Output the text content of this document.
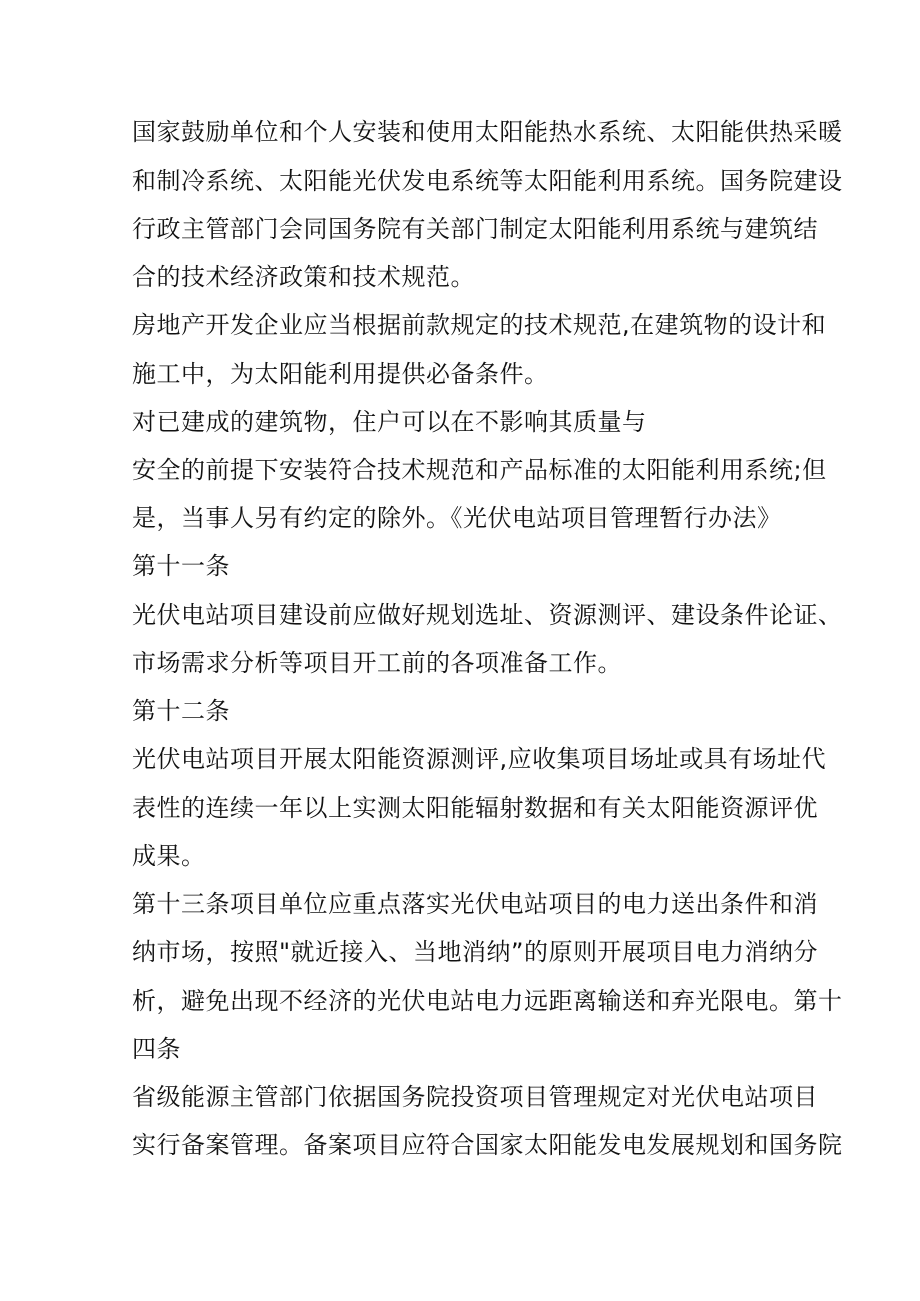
国家鼓励单位和个人安装和使用太阳能热水系统、太阳能供热采暖

和制冷系统、太阳能光伏发电系统等太阳能利用系统。国务院建设

行政主管部门会同国务院有关部门制定太阳能利用系统与建筑结

合的技术经济政策和技术规范。

房地产开发企业应当根据前款规定的技术规范,在建筑物的设计和

施工中，为太阳能利用提供必备条件。

对已建成的建筑物，住户可以在不影响其质量与

安全的前提下安装符合技术规范和产品标准的太阳能利用系统;但

是，当事人另有约定的除外。《光伏电站项目管理暂行办法》

第十一条

光伏电站项目建设前应做好规划选址、资源测评、建设条件论证、

市场需求分析等项目开工前的各项准备工作。

第十二条

光伏电站项目开展太阳能资源测评,应收集项目场址或具有场址代

表性的连续一年以上实测太阳能辐射数据和有关太阳能资源评优

成果。

第十三条项目单位应重点落实光伏电站项目的电力送出条件和消

纳市场，按照"就近接入、当地消纳”的原则开展项目电力消纳分

析，避免出现不经济的光伏电站电力远距离输送和弃光限电。第十

四条

省级能源主管部门依据国务院投资项目管理规定对光伏电站项目

实行备案管理。备案项目应符合国家太阳能发电发展规划和国务院
